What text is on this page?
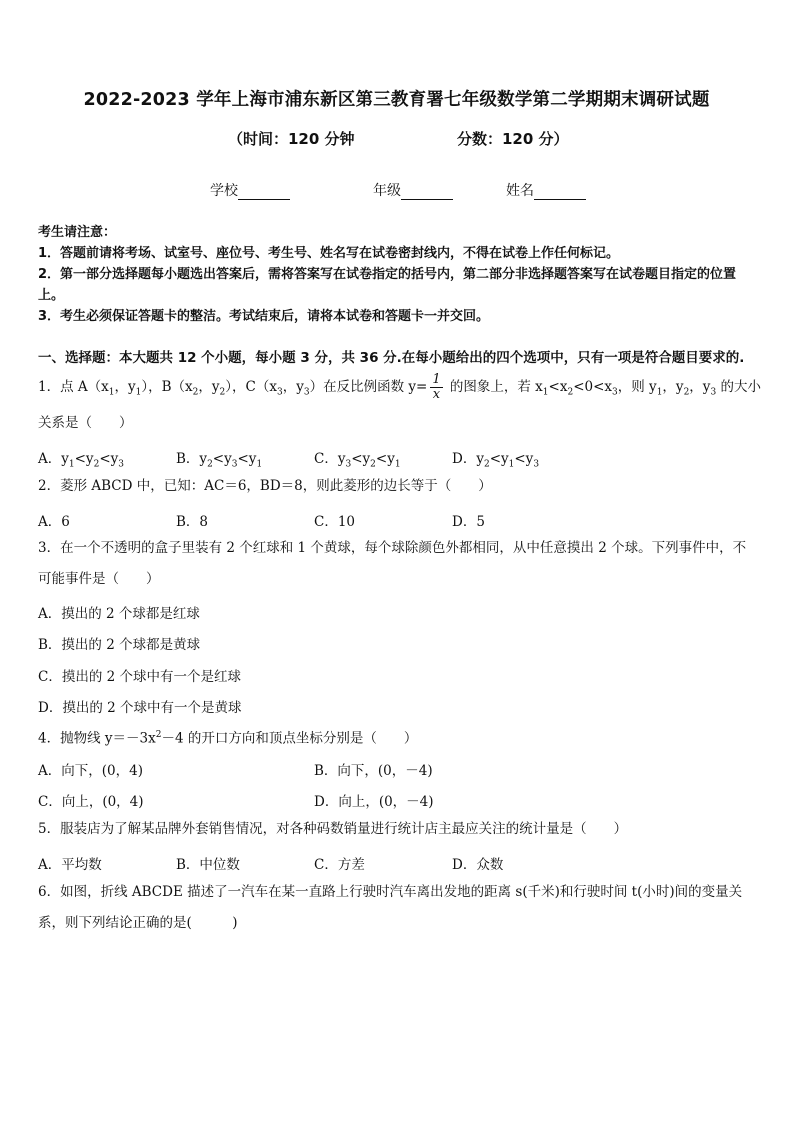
2022-2023 学年上海市浦东新区第三教育署七年级数学第二学期期末调研试题
（时间：120 分钟	分数：120 分）
学校	年级	姓名
考生请注意：
1．答题前请将考场、试室号、座位号、考生号、姓名写在试卷密封线内，不得在试卷上作任何标记。
2．第一部分选择题每小题选出答案后，需将答案写在试卷指定的括号内，第二部分非选择题答案写在试卷题目指定的位置上。
3．考生必须保证答题卡的整洁。考试结束后，请将本试卷和答题卡一并交回。
一、选择题：本大题共 12 个小题，每小题 3 分，共 36 分.在每小题给出的四个选项中，只有一项是符合题目要求的.
1．点 $A(x_1$，$y_1$），$B(x_2$，$y_2$），$C(x_3$，$y_3$）在反比例函数 $y= \frac{1}{x}$ 的图象上，若 $x_1<x_2<0<x_3$，则 $y_1$，$y_2$，$y_3$ 的大小
关系是（　　）
A．$y_1<y_2<y_3$	B．$y_2<y_3<y_1$	C．$y_3<y_2<y_1$	D．$y_2<y_1<y_3$
2．菱形 ABCD 中，已知：AC＝6，BD＝8，则此菱形的边长等于（　　）
A．6	B．8	C．10	D．5
3．在一个不透明的盒子里装有 2 个红球和 1 个黄球，每个球除颜色外都相同，从中任意摸出 2 个球。下列事件中，不
可能事件是（　　）
A．摸出的 2 个球都是红球
B．摸出的 2 个球都是黄球
C．摸出的 2 个球中有一个是红球
D．摸出的 2 个球中有一个是黄球
4．抛物线 $y=-3x^2-4$ 的开口方向和顶点坐标分别是（　　）
A．向下，(0，4)	B．向下，(0，－4)
C．向上，(0，4)	D．向上，(0，－4)
5．服装店为了解某品牌外套销售情况，对各种码数销量进行统计店主最应关注的统计量是（　　）
A．平均数	B．中位数	C．方差	D．众数
6．如图，折线 ABCDE 描述了一汽车在某一直路上行驶时汽车离出发地的距离 s(千米)和行驶时间 t(小时)间的变量关
系，则下列结论正确的是(　　　)
